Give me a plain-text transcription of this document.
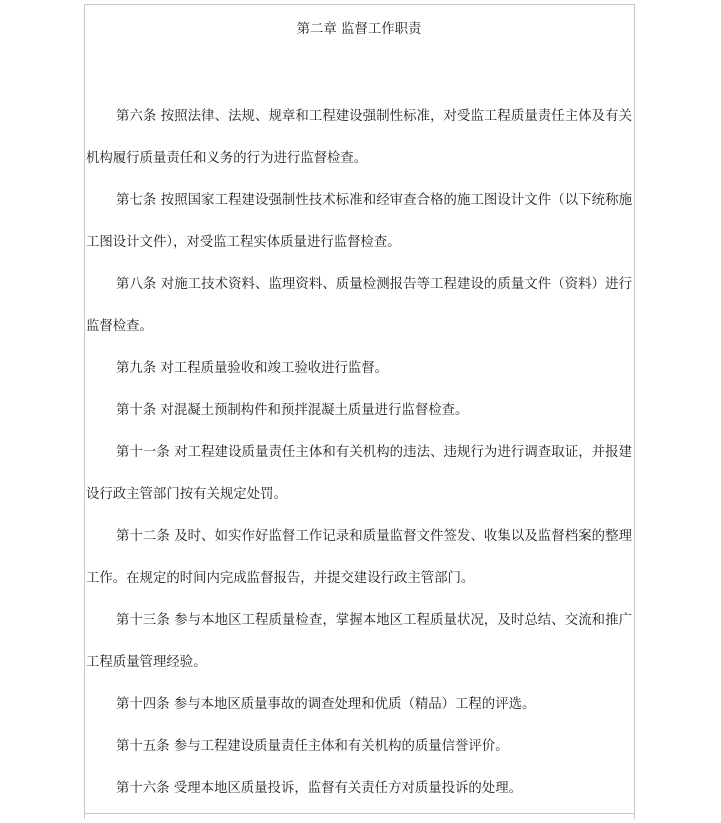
第二章 监督工作职责

第六条 按照法律、法规、规章和工程建设强制性标准，对受监工程质量责任主体及有关机构履行质量责任和义务的行为进行监督检查。

第七条 按照国家工程建设强制性技术标准和经审查合格的施工图设计文件（以下统称施工图设计文件），对受监工程实体质量进行监督检查。

第八条 对施工技术资料、监理资料、质量检测报告等工程建设的质量文件（资料）进行监督检查。

第九条 对工程质量验收和竣工验收进行监督。

第十条 对混凝土预制构件和预拌混凝土质量进行监督检查。

第十一条 对工程建设质量责任主体和有关机构的违法、违规行为进行调查取证，并报建设行政主管部门按有关规定处罚。

第十二条 及时、如实作好监督工作记录和质量监督文件签发、收集以及监督档案的整理工作。在规定的时间内完成监督报告，并提交建设行政主管部门。

第十三条 参与本地区工程质量检查，掌握本地区工程质量状况，及时总结、交流和推广工程质量管理经验。

第十四条 参与本地区质量事故的调查处理和优质（精品）工程的评选。

第十五条 参与工程建设质量责任主体和有关机构的质量信誉评价。

第十六条 受理本地区质量投诉，监督有关责任方对质量投诉的处理。
